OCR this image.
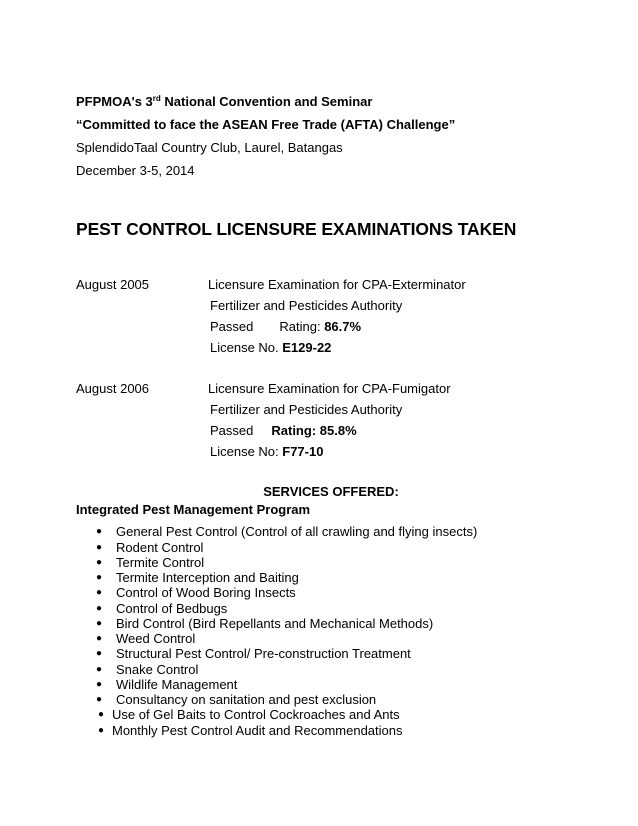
PFPMOA's 3rd National Convention and Seminar
“Committed to face the ASEAN Free Trade (AFTA) Challenge”
SplendidoTaal Country Club, Laurel, Batangas
December 3-5, 2014
PEST CONTROL LICENSURE EXAMINATIONS TAKEN
August 2005	Licensure Examination for CPA-Exterminator
Fertilizer and Pesticides Authority
Passed Rating: 86.7%
License No. E129-22
August 2006	Licensure Examination for CPA-Fumigator
Fertilizer and Pesticides Authority
Passed Rating: 85.8%
License No: F77-10
SERVICES OFFERED:
Integrated Pest Management Program
● General Pest Control (Control of all crawling and flying insects)
● Rodent Control
● Termite Control
● Termite Interception and Baiting
● Control of Wood Boring Insects
● Control of Bedbugs
● Bird Control (Bird Repellants and Mechanical Methods)
● Weed Control
● Structural Pest Control/ Pre-construction Treatment
● Snake Control
● Wildlife Management
● Consultancy on sanitation and pest exclusion
● Use of Gel Baits to Control Cockroaches and Ants
● Monthly Pest Control Audit and Recommendations
